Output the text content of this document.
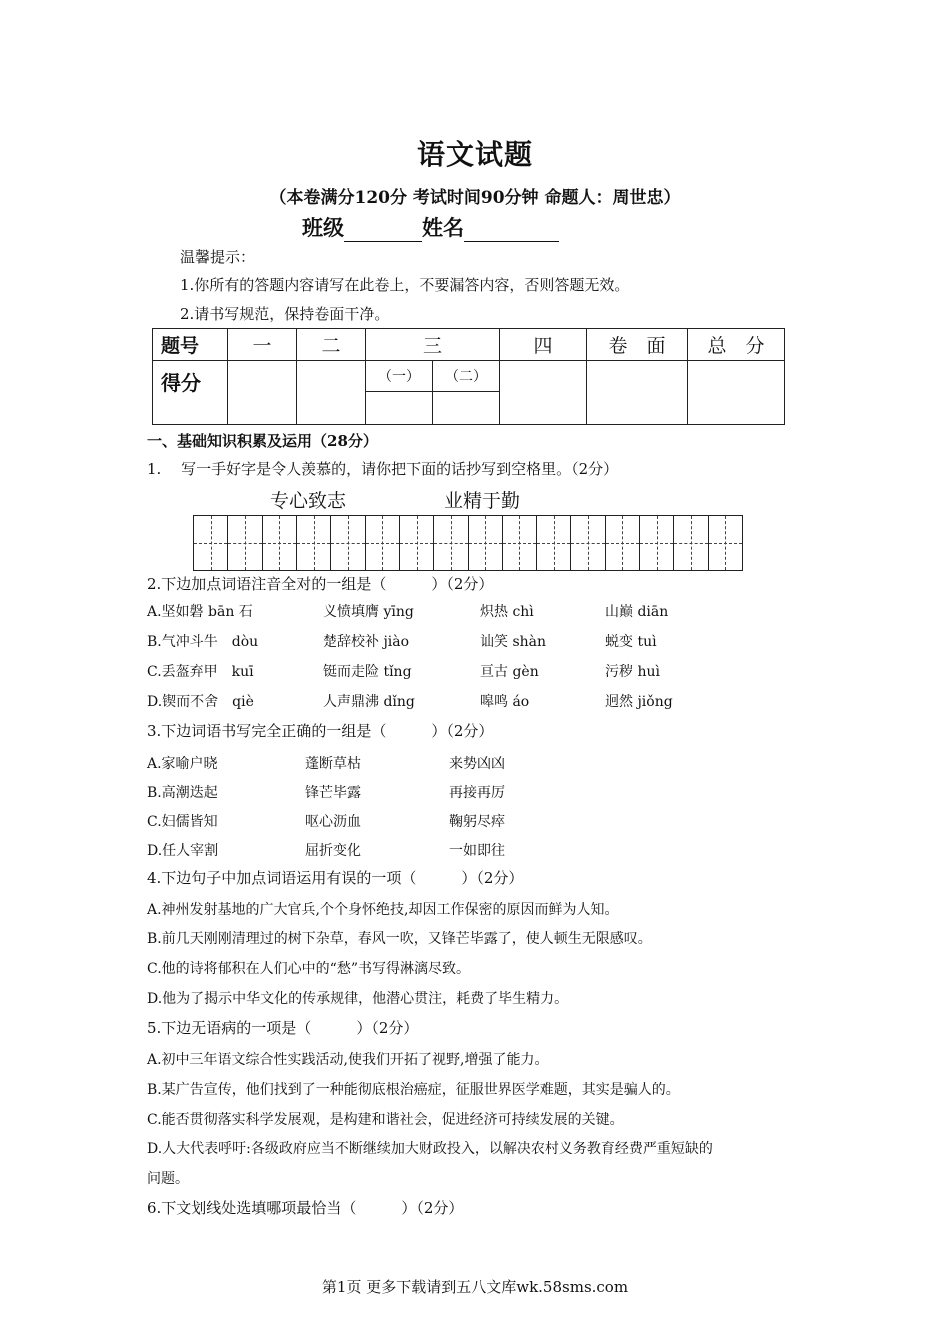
语文试题
（本卷满分120分 考试时间90分钟 命题人：周世忠）
班级	姓名
温馨提示：
1.你所有的答题内容请写在此卷上，不要漏答内容，否则答题无效。
2.请书写规范，保持卷面干净。
题号	一	二	三		四	卷　面	总　分
得分			（一）	（二）			

一、基础知识积累及运用（28分）
1.　 写一手好字是令人羡慕的，请你把下面的话抄写到空格里。（2分）
专心致志	业精于勤
2.下边加点词语注音全对的一组是（　　　）（2分）
A.坚如磐 bān 石	义愤填膺 yīng	炽热 chì	山巅 diān
B.气冲斗牛　dòu	楚辞校补 jiào	讪笑 shàn	蜕变 tuì
C.丢盔弃甲　kuī	铤而走险 tǐng	亘古 gèn	污秽 huì
D.锲而不舍　qiè	人声鼎沸 dǐng	嗥鸣 áo	迥然 jiǒng
3.下边词语书写完全正确的一组是（　　　）（2分）
A.家喻户晓	蓬断草枯	来势凶凶
B.高潮迭起	锋芒毕露	再接再厉
C.妇儒皆知	呕心沥血	鞠躬尽瘁
D.任人宰割	屈折变化	一如即往
4.下边句子中加点词语运用有误的一项（　　　）（2分）
A.神州发射基地的广大官兵,个个身怀绝技,却因工作保密的原因而鲜为人知。
B.前几天刚刚清理过的树下杂草，春风一吹，又锋芒毕露了，使人顿生无限感叹。
C.他的诗将郁积在人们心中的“愁”书写得淋漓尽致。
D.他为了揭示中华文化的传承规律，他潜心贯注，耗费了毕生精力。
5.下边无语病的一项是（　　　）（2分）
A.初中三年语文综合性实践活动,使我们开拓了视野,增强了能力。
B.某广告宣传，他们找到了一种能彻底根治癌症，征服世界医学难题，其实是骗人的。
C.能否贯彻落实科学发展观，是构建和谐社会，促进经济可持续发展的关键。
D.人大代表呼吁:各级政府应当不断继续加大财政投入，以解决农村义务教育经费严重短缺的
问题。
6.下文划线处选填哪项最恰当（　　　）（2分）
第1页 更多下载请到五八文库wk.58sms.com
